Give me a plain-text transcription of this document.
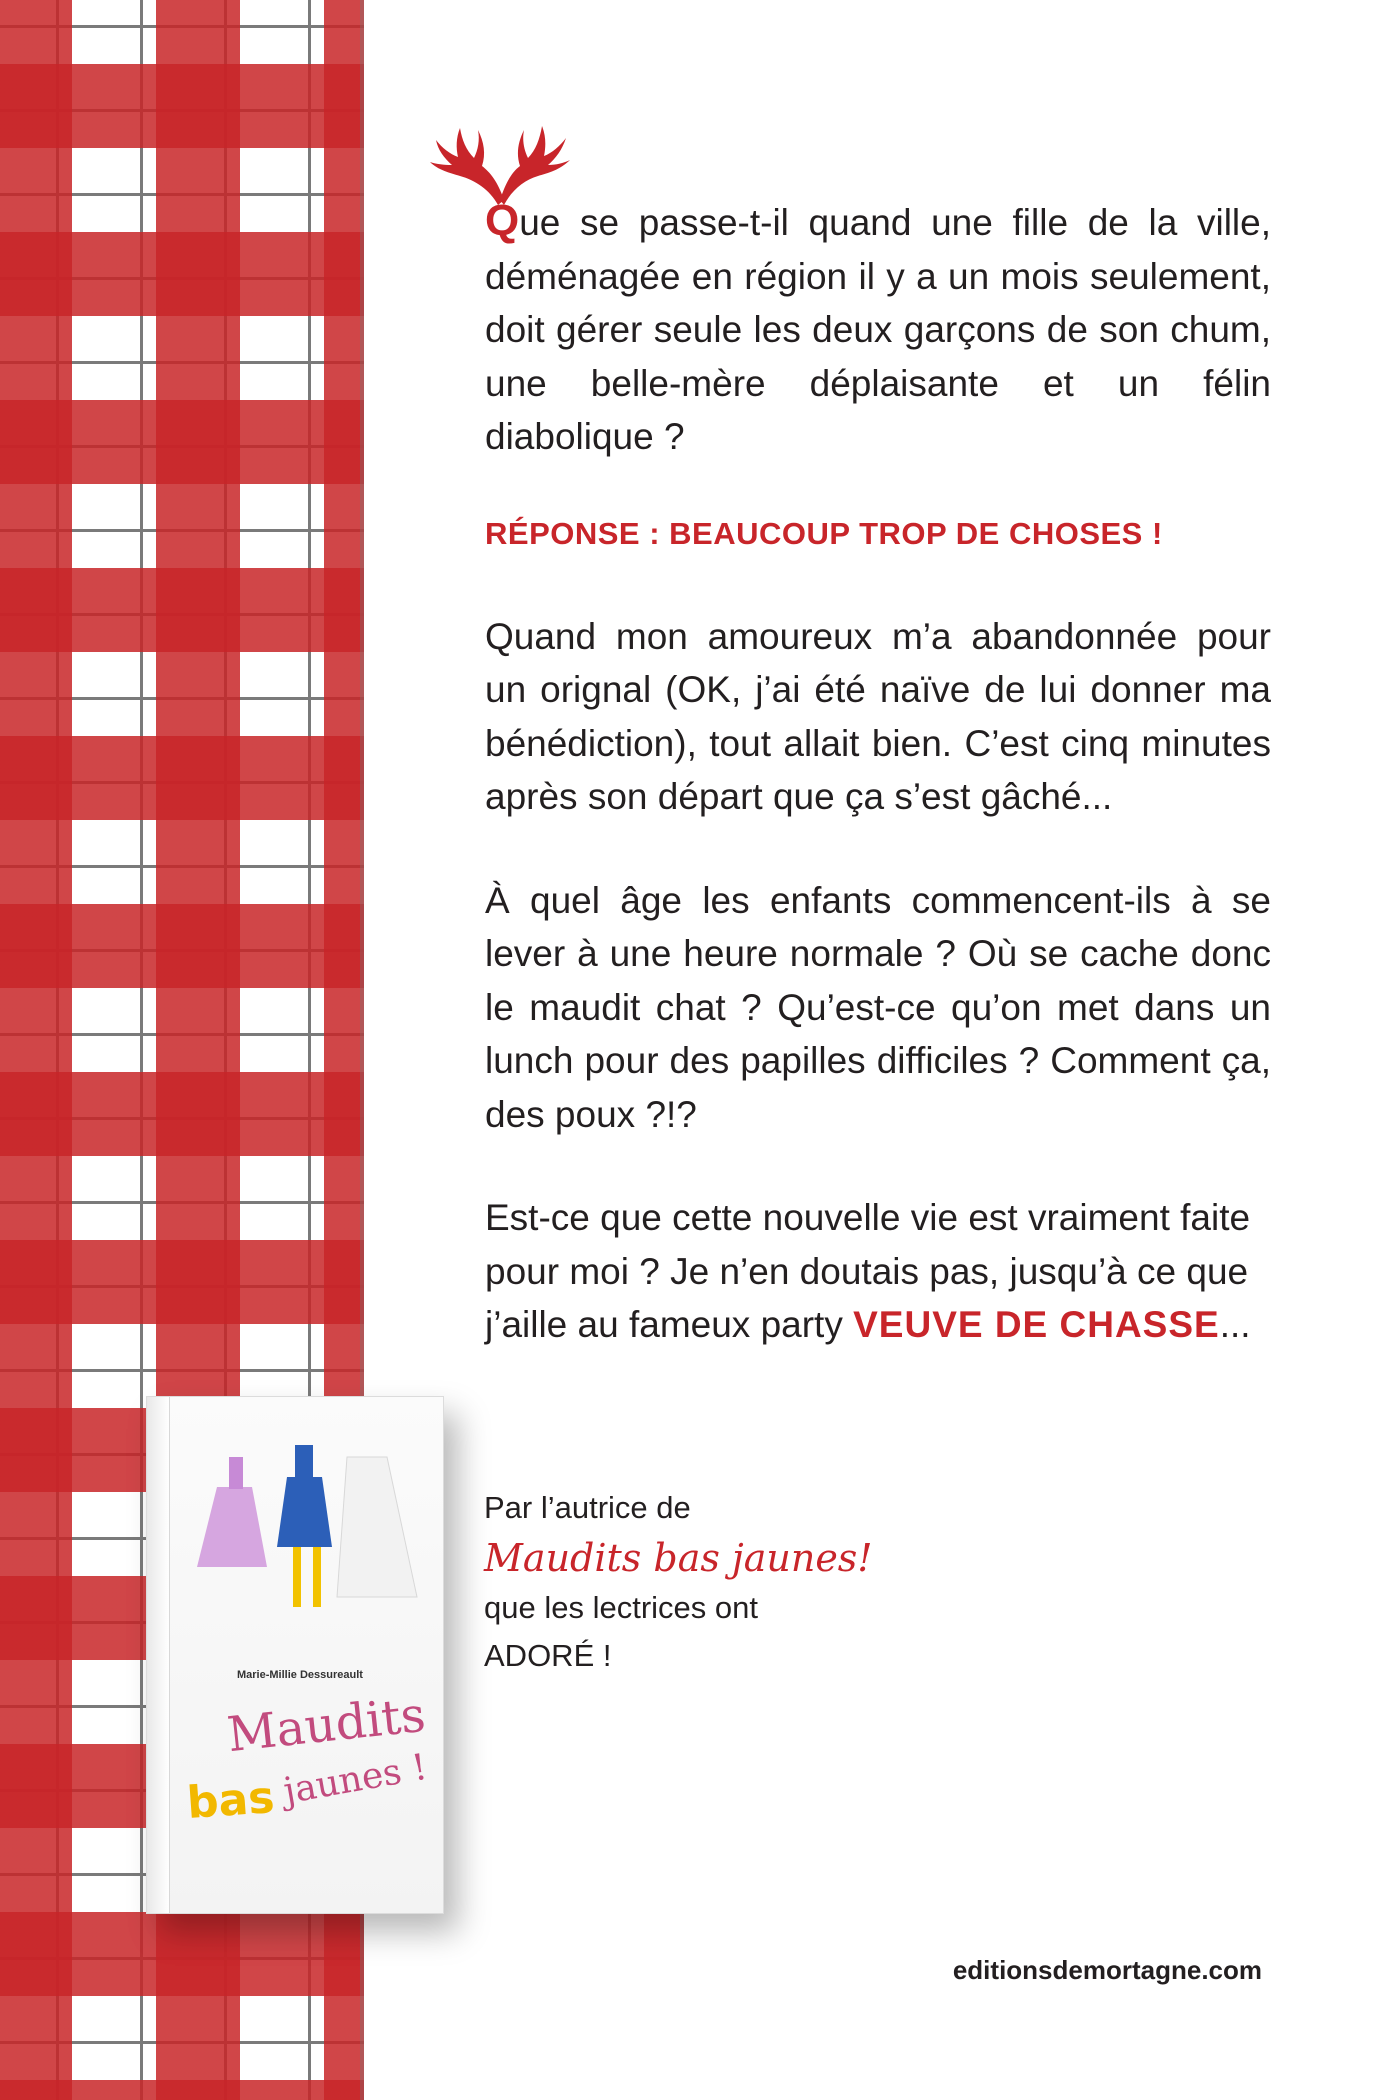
Que se passe-t-il quand une fille de la ville, déménagée en région il y a un mois seulement, doit gérer seule les deux garçons de son chum, une belle-mère déplaisante et un félin diabolique ?

RÉPONSE : BEAUCOUP TROP DE CHOSES !

Quand mon amoureux m’a abandonnée pour un orignal (OK, j’ai été naïve de lui donner ma bénédiction), tout allait bien. C’est cinq minutes après son départ que ça s’est gâché...

À quel âge les enfants commencent-ils à se lever à une heure normale ? Où se cache donc le maudit chat ? Qu’est-ce qu’on met dans un lunch pour des papilles difficiles ? Comment ça, des poux ?!?

Est-ce que cette nouvelle vie est vraiment faite pour moi ? Je n’en doutais pas, jusqu’à ce que j’aille au fameux party VEUVE DE CHASSE...

Marie-Millie Dessureault
Maudits
bas jaunes !

Par l’autrice de

Maudits bas jaunes!

que les lectrices ont

ADORÉ !

editionsdemortagne.com
